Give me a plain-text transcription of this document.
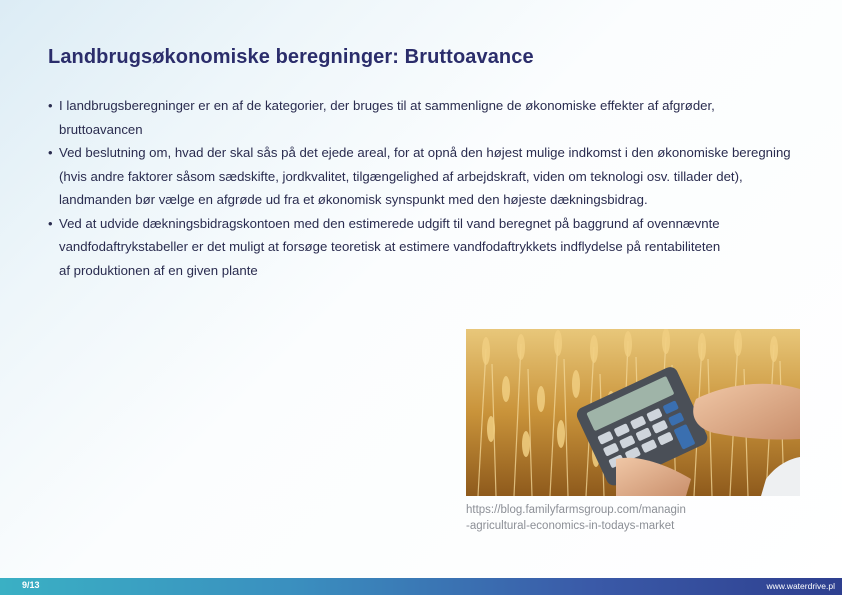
Landbrugsøkonomiske beregninger: Bruttoavance
• I landbrugsberegninger er en af de kategorier, der bruges til at sammenligne de økonomiske effekter af afgrøder,
bruttoavancen
• Ved beslutning om, hvad der skal sås på det ejede areal, for at opnå den højest mulige indkomst i den økonomiske beregning
(hvis andre faktorer såsom sædskifte, jordkvalitet, tilgængelighed af arbejdskraft, viden om teknologi osv. tillader det),
landmanden bør vælge en afgrøde ud fra et økonomisk synspunkt med den højeste dækningsbidrag.
• Ved at udvide dækningsbidragskontoen med den estimerede udgift til vand beregnet på baggrund af ovennævnte
vandfodaftrykstabeller er det muligt at forsøge teoretisk at estimere vandfodaftrykkets indflydelse på rentabiliteten
af produktionen af en given plante
https://blog.familyfarmsgroup.com/managin
-agricultural-economics-in-todays-market
9/13	www.waterdrive.pl
